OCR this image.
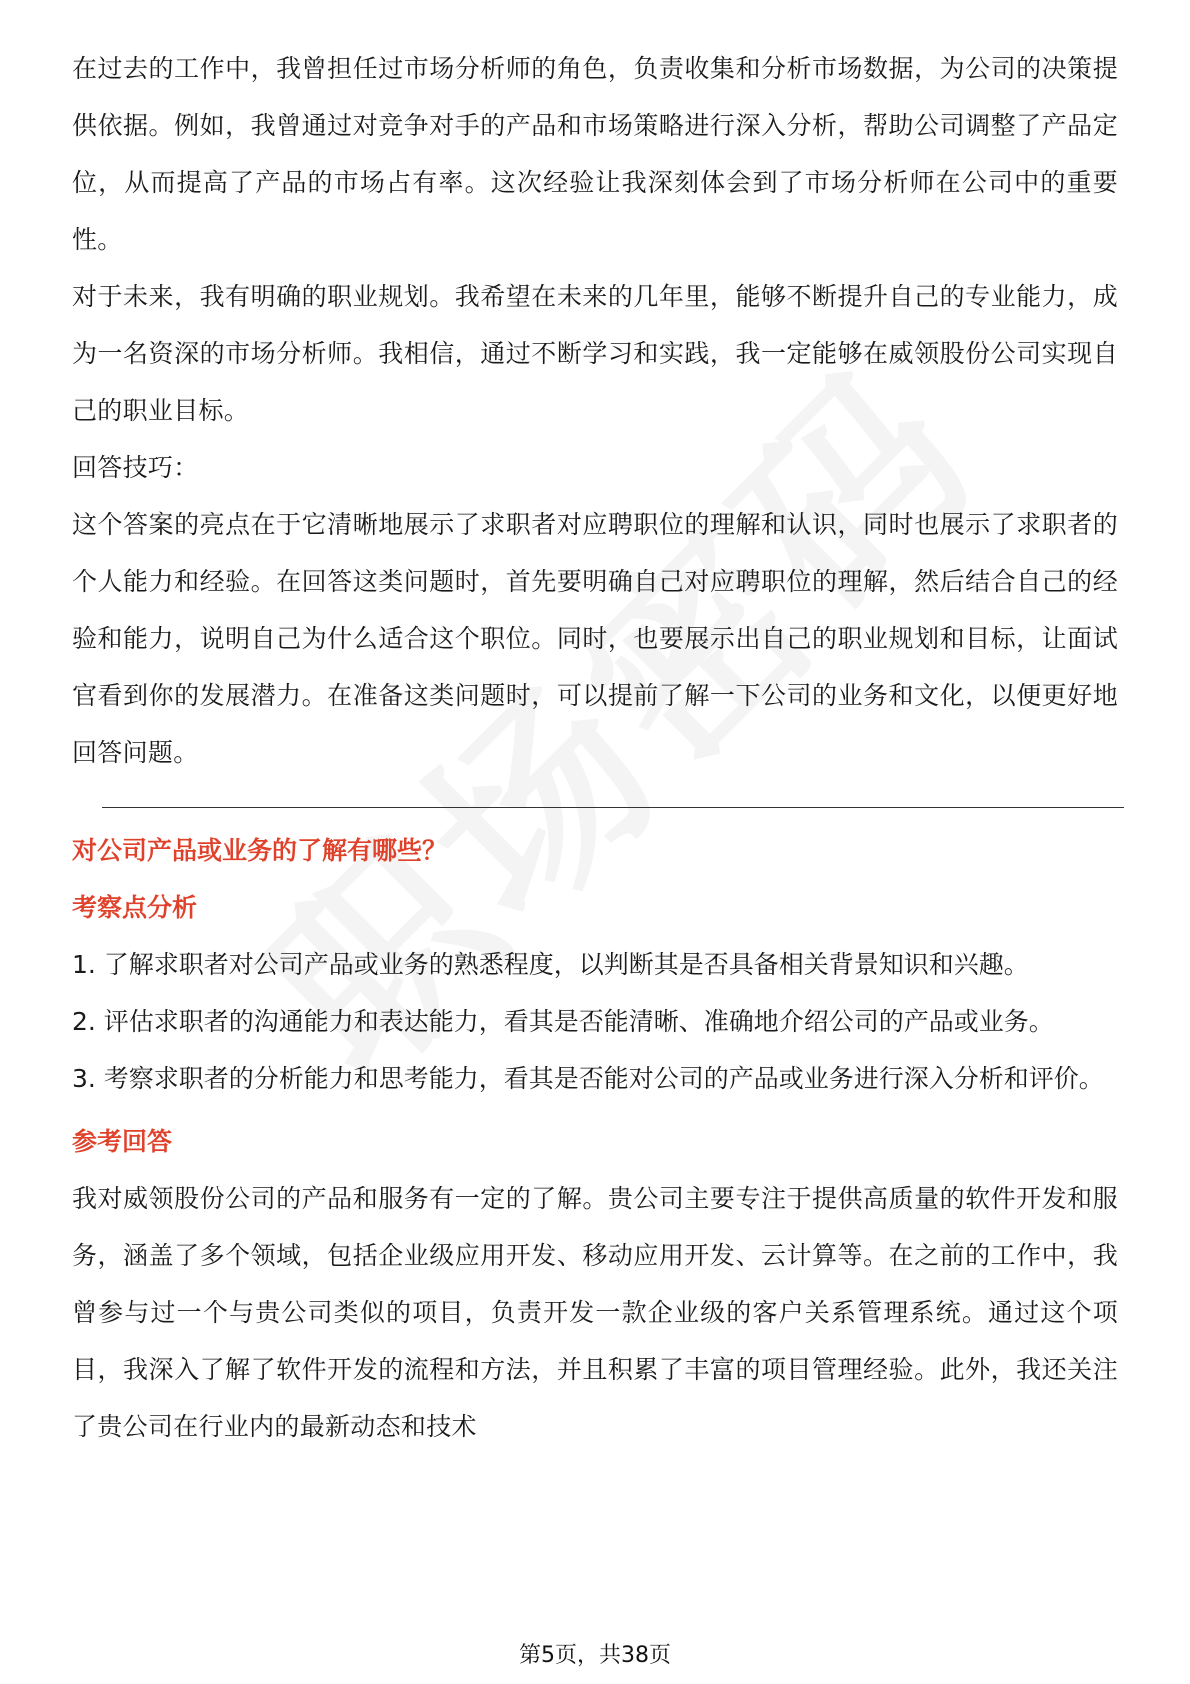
在过去的工作中，我曾担任过市场分析师的角色，负责收集和分析市场数据，为公司的决策提供依据。例如，我曾通过对竞争对手的产品和市场策略进行深入分析，帮助公司调整了产品定位，从而提高了产品的市场占有率。这次经验让我深刻体会到了市场分析师在公司中的重要性。

对于未来，我有明确的职业规划。我希望在未来的几年里，能够不断提升自己的专业能力，成为一名资深的市场分析师。我相信，通过不断学习和实践，我一定能够在威领股份公司实现自己的职业目标。

回答技巧：

这个答案的亮点在于它清晰地展示了求职者对应聘职位的理解和认识，同时也展示了求职者的个人能力和经验。在回答这类问题时，首先要明确自己对应聘职位的理解，然后结合自己的经验和能力，说明自己为什么适合这个职位。同时，也要展示出自己的职业规划和目标，让面试官看到你的发展潜力。在准备这类问题时，可以提前了解一下公司的业务和文化，以便更好地回答问题。

对公司产品或业务的了解有哪些？

考察点分析

1. 了解求职者对公司产品或业务的熟悉程度，以判断其是否具备相关背景知识和兴趣。

2. 评估求职者的沟通能力和表达能力，看其是否能清晰、准确地介绍公司的产品或业务。

3. 考察求职者的分析能力和思考能力，看其是否能对公司的产品或业务进行深入分析和评价。

参考回答

我对威领股份公司的产品和服务有一定的了解。贵公司主要专注于提供高质量的软件开发和服务，涵盖了多个领域，包括企业级应用开发、移动应用开发、云计算等。在之前的工作中，我曾参与过一个与贵公司类似的项目，负责开发一款企业级的客户关系管理系统。通过这个项目，我深入了解了软件开发的流程和方法，并且积累了丰富的项目管理经验。此外，我还关注了贵公司在行业内的最新动态和技术

第5页，共38页
